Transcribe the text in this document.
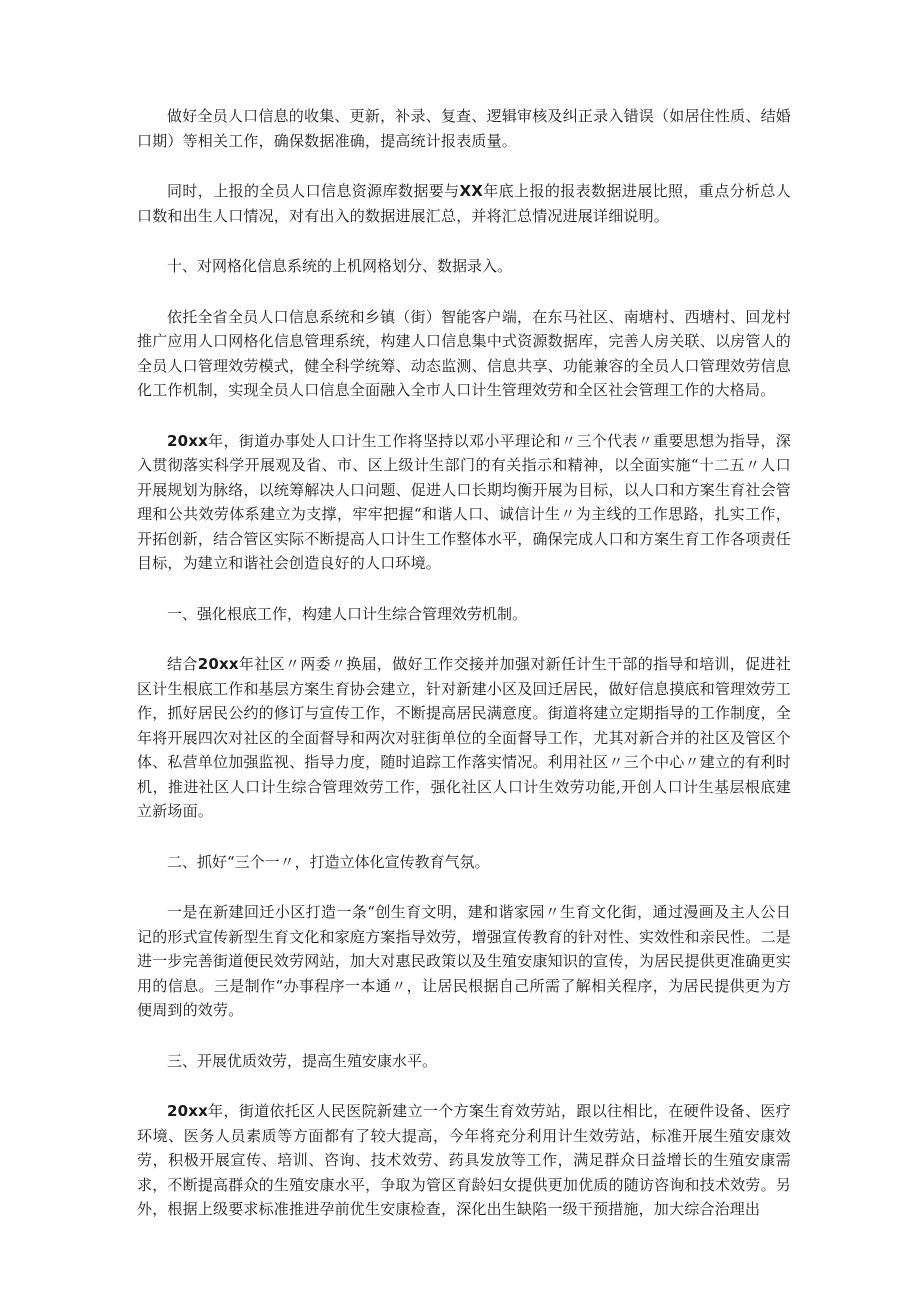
做好全员人口信息的收集、更新，补录、复查、逻辑审核及纠正录入错误（如居住性质、结婚口期）等相关工作，确保数据准确，提高统计报表质量。

同时，上报的全员人口信息资源库数据要与XX年底上报的报表数据进展比照，重点分析总人口数和出生人口情况，对有出入的数据进展汇总，并将汇总情况进展详细说明。

十、对网格化信息系统的上机网格划分、数据录入。

依托全省全员人口信息系统和乡镇（街）智能客户端，在东马社区、南塘村、西塘村、回龙村推广应用人口网格化信息管理系统，构建人口信息集中式资源数据库，完善人房关联、以房管人的全员人口管理效劳模式，健全科学统筹、动态监测、信息共享、功能兼容的全员人口管理效劳信息化工作机制，实现全员人口信息全面融入全市人口计生管理效劳和全区社会管理工作的大格局。

20xx年，街道办事处人口计生工作将坚持以邓小平理论和〃三个代表〃重要思想为指导，深入贯彻落实科学开展观及省、市、区上级计生部门的有关指示和精神，以全面实施“十二五〃人口开展规划为脉络，以统筹解决人口问题、促进人口长期均衡开展为目标，以人口和方案生育社会管理和公共效劳体系建立为支撑，牢牢把握“和谐人口、诚信计生〃为主线的工作思路，扎实工作，开拓创新，结合管区实际不断提高人口计生工作整体水平，确保完成人口和方案生育工作各项责任目标，为建立和谐社会创造良好的人口环境。

一、强化根底工作，构建人口计生综合管理效劳机制。

结合20xx年社区〃两委〃换届，做好工作交接并加强对新任计生干部的指导和培训，促进社区计生根底工作和基层方案生育协会建立，针对新建小区及回迁居民，做好信息摸底和管理效劳工作，抓好居民公约的修订与宣传工作，不断提高居民满意度。街道将建立定期指导的工作制度，全年将开展四次对社区的全面督导和两次对驻街单位的全面督导工作，尤其对新合并的社区及管区个体、私营单位加强监视、指导力度，随时追踪工作落实情况。利用社区〃三个中心〃建立的有利时机，推进社区人口计生综合管理效劳工作，强化社区人口计生效劳功能,开创人口计生基层根底建立新场面。

二、抓好“三个一〃，打造立体化宣传教育气氛。

一是在新建回迁小区打造一条“创生育文明，建和谐家园〃生育文化街，通过漫画及主人公日记的形式宣传新型生育文化和家庭方案指导效劳，增强宣传教育的针对性、实效性和亲民性。二是进一步完善街道便民效劳网站，加大对惠民政策以及生殖安康知识的宣传，为居民提供更准确更实用的信息。三是制作“办事程序一本通〃，让居民根据自己所需了解相关程序，为居民提供更为方便周到的效劳。

三、开展优质效劳，提高生殖安康水平。

20xx年，街道依托区人民医院新建立一个方案生育效劳站，跟以往相比，在硬件设备、医疗环境、医务人员素质等方面都有了较大提高，今年将充分利用计生效劳站，标准开展生殖安康效劳，积极开展宣传、培训、咨询、技术效劳、药具发放等工作，满足群众日益增长的生殖安康需求，不断提高群众的生殖安康水平，争取为管区育龄妇女提供更加优质的随访咨询和技术效劳。另外，根据上级要求标准推进孕前优生安康检查，深化出生缺陷一级干预措施，加大综合治理出
